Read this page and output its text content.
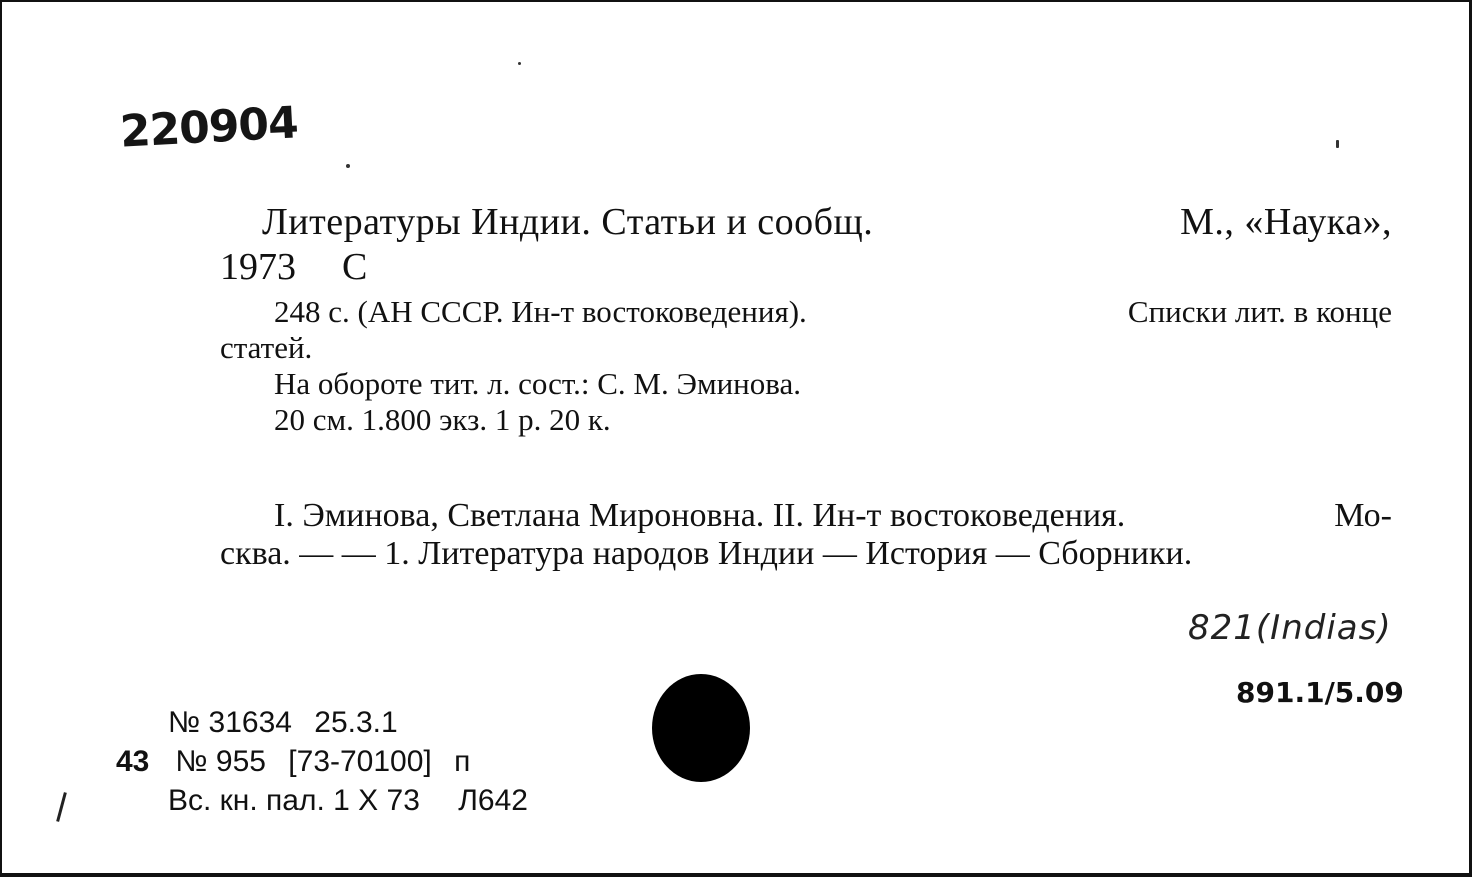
220904
Литературы Индии. Статьи и сообщ.	М., «Наука»,
1973 С
248 с. (АН СССР. Ин-т востоковедения).	Списки лит. в конце
статей.
На обороте тит. л. сост.: С. М. Эминова.
20 см. 1.800 экз. 1 р. 20 к.
I. Эминова, Светлана Мироновна. II. Ин-т востоковедения.	Мо-
сква. — — 1. Литература народов Индии — История — Сборники.
821(Indias)
891.1/5.09
№ 31634 25.3.1
43 № 955 [73-70100] п
Вс. кн. пал. 1 X 73 Л642
